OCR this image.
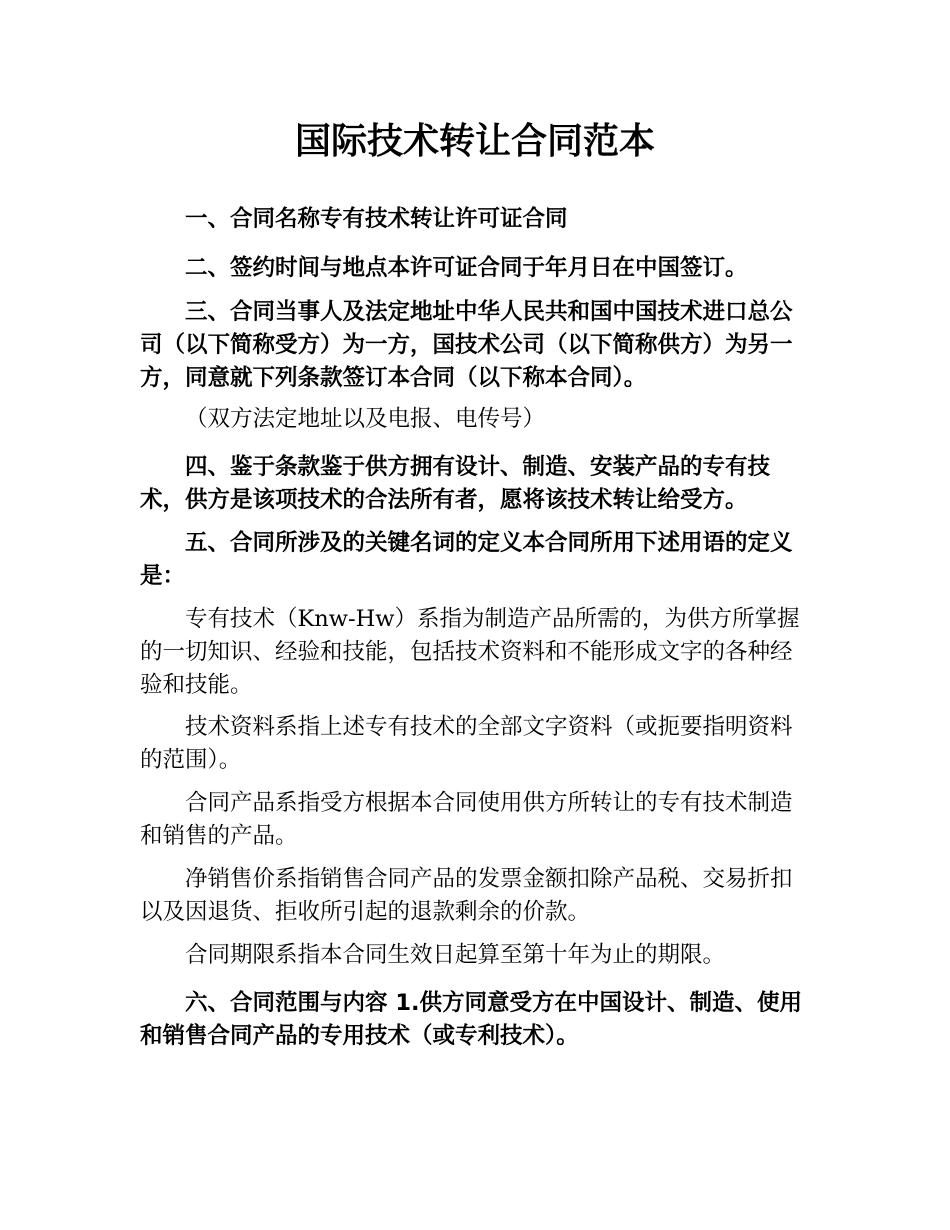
国际技术转让合同范本

一、合同名称专有技术转让许可证合同

二、签约时间与地点本许可证合同于年月日在中国签订。

三、合同当事人及法定地址中华人民共和国中国技术进口总公司（以下简称受方）为一方，国技术公司（以下简称供方）为另一方，同意就下列条款签订本合同（以下称本合同）。

（双方法定地址以及电报、电传号）

四、鉴于条款鉴于供方拥有设计、制造、安装产品的专有技术，供方是该项技术的合法所有者，愿将该技术转让给受方。

五、合同所涉及的关键名词的定义本合同所用下述用语的定义是：

专有技术（Knw-Hw）系指为制造产品所需的，为供方所掌握的一切知识、经验和技能，包括技术资料和不能形成文字的各种经验和技能。

技术资料系指上述专有技术的全部文字资料（或扼要指明资料的范围）。

合同产品系指受方根据本合同使用供方所转让的专有技术制造和销售的产品。

净销售价系指销售合同产品的发票金额扣除产品税、交易折扣以及因退货、拒收所引起的退款剩余的价款。

合同期限系指本合同生效日起算至第十年为止的期限。

六、合同范围与内容 1.供方同意受方在中国设计、制造、使用和销售合同产品的专用技术（或专利技术）。
